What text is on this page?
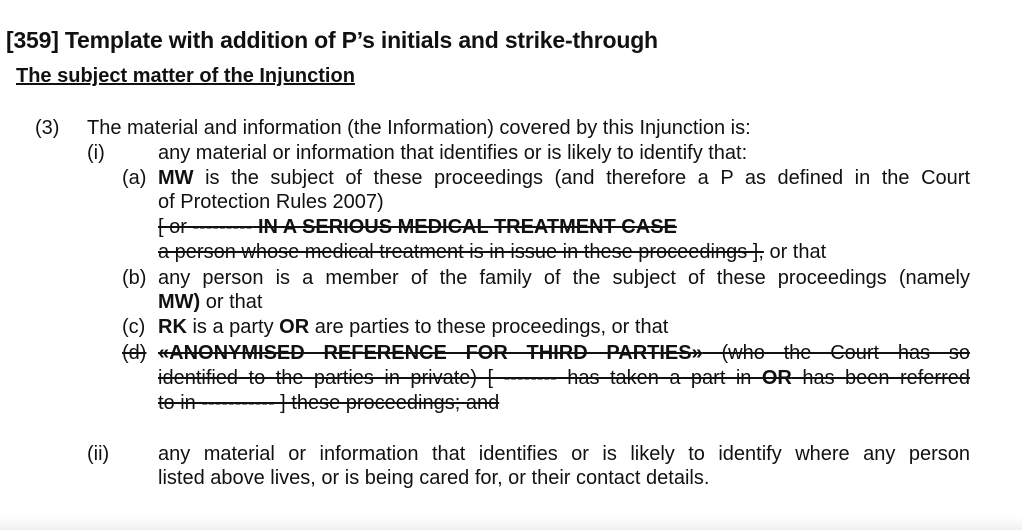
[359] Template with addition of P’s initials and strike-through
The subject matter of the Injunction
(3) The material and information (the Information) covered by this Injunction is:
(i)	any material or information that identifies or is likely to identify that:
(a) MW is the subject of these proceedings (and therefore a P as defined in the Court
of Protection Rules 2007)
[ or --------- IN A SERIOUS MEDICAL TREATMENT CASE
a person whose medical treatment is in issue in these proceedings ], or that
(b) any person is a member of the family of the subject of these proceedings (namely
MW) or that
(c) RK is a party OR are parties to these proceedings, or that
(d) «ANONYMISED REFERENCE FOR THIRD PARTIES» (who the Court has so
identified to the parties in private) [ -------- has taken a part in OR has been referred
to in ----------- ] these proceedings; and
(ii) any material or information that identifies or is likely to identify where any person
listed above lives, or is being cared for, or their contact details.
